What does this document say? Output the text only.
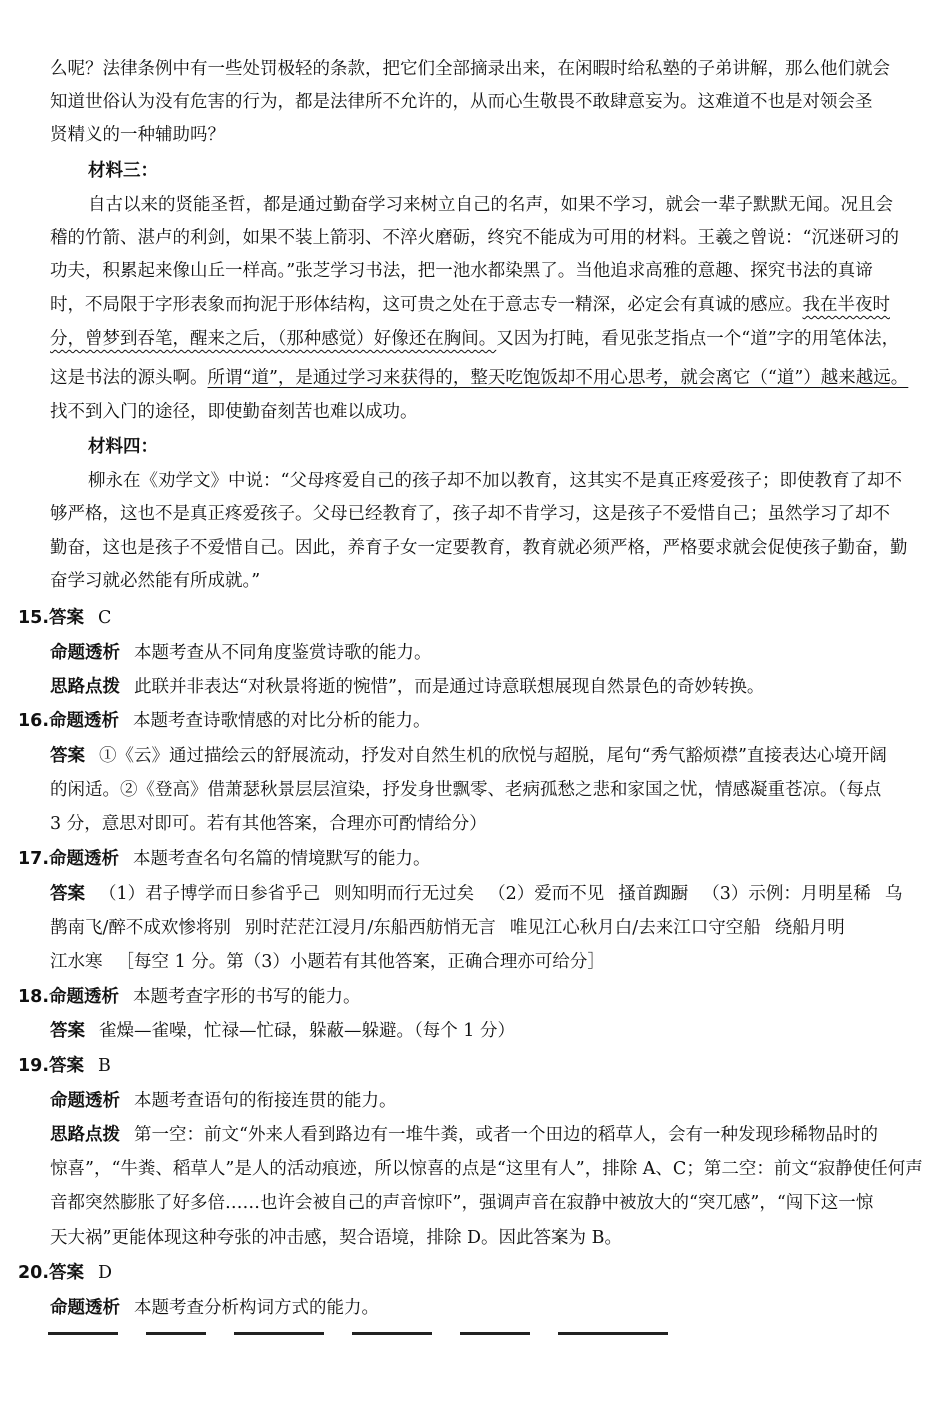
么呢？法律条例中有一些处罚极轻的条款，把它们全部摘录出来，在闲暇时给私塾的子弟讲解，那么他们就会
知道世俗认为没有危害的行为，都是法律所不允许的，从而心生敬畏不敢肆意妄为。这难道不也是对领会圣
贤精义的一种辅助吗？
材料三：
自古以来的贤能圣哲，都是通过勤奋学习来树立自己的名声，如果不学习，就会一辈子默默无闻。况且会
稽的竹箭、湛卢的利剑，如果不装上箭羽、不淬火磨砺，终究不能成为可用的材料。王羲之曾说：“沉迷研习的
功夫，积累起来像山丘一样高。”张芝学习书法，把一池水都染黑了。当他追求高雅的意趣、探究书法的真谛
时，不局限于字形表象而拘泥于形体结构，这可贵之处在于意志专一精深，必定会有真诚的感应。我在半夜时
分，曾梦到吞笔，醒来之后，（那种感觉）好像还在胸间。又因为打盹，看见张芝指点一个“道”字的用笔体法，
这是书法的源头啊。所谓“道”，是通过学习来获得的，整天吃饱饭却不用心思考，就会离它（“道”）越来越远。
找不到入门的途径，即使勤奋刻苦也难以成功。
材料四：
柳永在《劝学文》中说：“父母疼爱自己的孩子却不加以教育，这其实不是真正疼爱孩子；即使教育了却不
够严格，这也不是真正疼爱孩子。父母已经教育了，孩子却不肯学习，这是孩子不爱惜自己；虽然学习了却不
勤奋，这也是孩子不爱惜自己。因此，养育子女一定要教育，教育就必须严格，严格要求就会促使孩子勤奋，勤
奋学习就必然能有所成就。”
15.答案 C
命题透析 本题考查从不同角度鉴赏诗歌的能力。
思路点拨 此联并非表达“对秋景将逝的惋惜”，而是通过诗意联想展现自然景色的奇妙转换。
16.命题透析 本题考查诗歌情感的对比分析的能力。
答案 ①《云》通过描绘云的舒展流动，抒发对自然生机的欣悦与超脱，尾句“秀气豁烦襟”直接表达心境开阔
的闲适。②《登高》借萧瑟秋景层层渲染，抒发身世飘零、老病孤愁之悲和家国之忧，情感凝重苍凉。（每点
3 分，意思对即可。若有其他答案，合理亦可酌情给分）
17.命题透析 本题考查名句名篇的情境默写的能力。
答案 （1）君子博学而日参省乎己 则知明而行无过矣 （2）爱而不见 搔首踟蹰 （3）示例：月明星稀 乌
鹊南飞/醉不成欢惨将别 别时茫茫江浸月/东船西舫悄无言 唯见江心秋月白/去来江口守空船 绕船月明
江水寒 ［每空 1 分。第（3）小题若有其他答案，正确合理亦可给分］
18.命题透析 本题考查字形的书写的能力。
答案 雀燥—雀噪，忙禄—忙碌，躲蔽—躲避。（每个 1 分）
19.答案 B
命题透析 本题考查语句的衔接连贯的能力。
思路点拨 第一空：前文“外来人看到路边有一堆牛粪，或者一个田边的稻草人，会有一种发现珍稀物品时的
惊喜”，“牛粪、稻草人”是人的活动痕迹，所以惊喜的点是“这里有人”，排除 A、C；第二空：前文“寂静使任何声
音都突然膨胀了好多倍……也许会被自己的声音惊吓”，强调声音在寂静中被放大的“突兀感”，“闯下这一惊
天大祸”更能体现这种夸张的冲击感，契合语境，排除 D。因此答案为 B。
20.答案 D
命题透析 本题考查分析构词方式的能力。
